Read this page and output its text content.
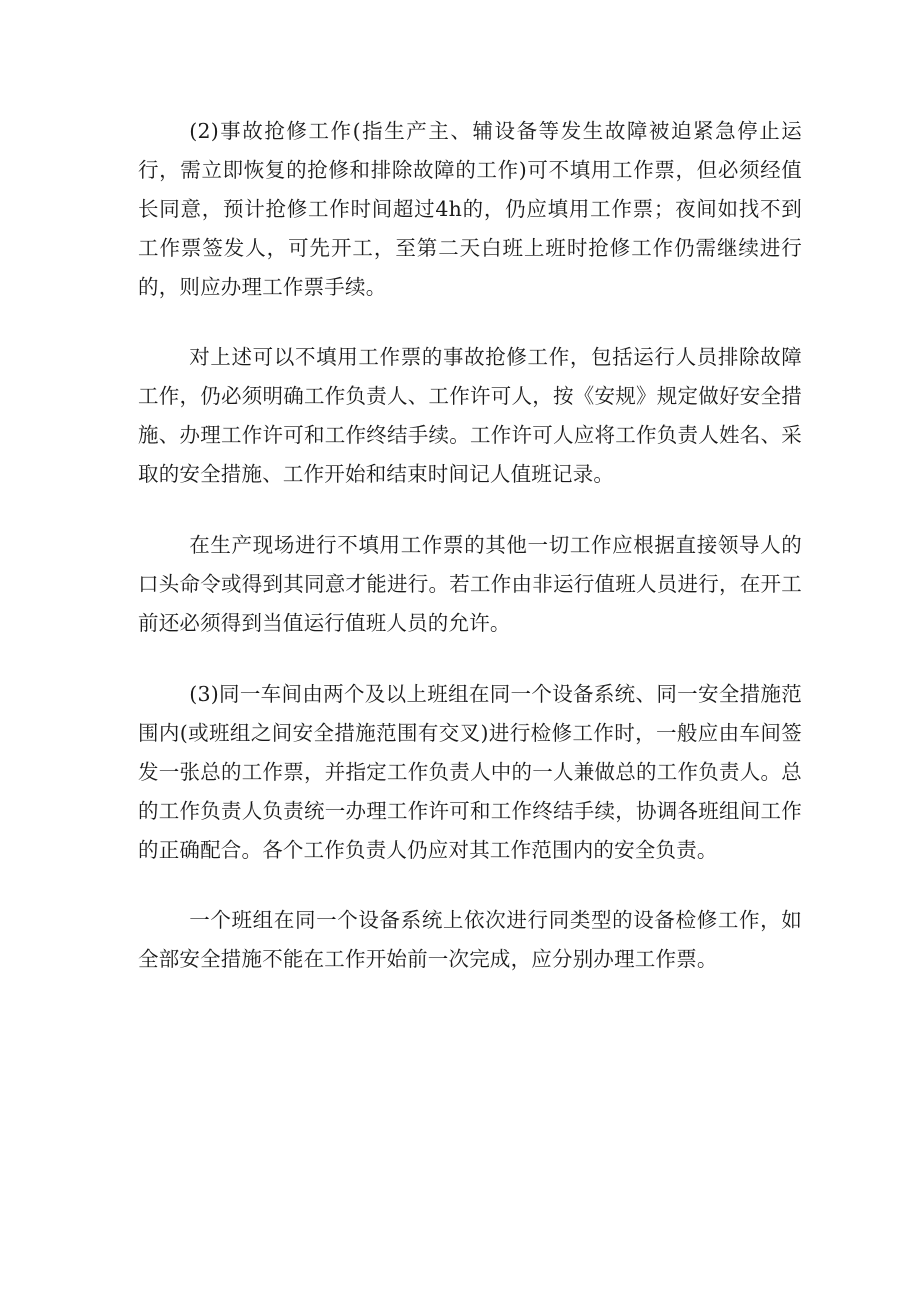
(2)事故抢修工作(指生产主、辅设备等发生故障被迫紧急停止运行，需立即恢复的抢修和排除故障的工作)可不填用工作票，但必须经值长同意，预计抢修工作时间超过4h的，仍应填用工作票；夜间如找不到工作票签发人，可先开工，至第二天白班上班时抢修工作仍需继续进行的，则应办理工作票手续。

对上述可以不填用工作票的事故抢修工作，包括运行人员排除故障工作，仍必须明确工作负责人、工作许可人，按《安规》规定做好安全措施、办理工作许可和工作终结手续。工作许可人应将工作负责人姓名、采取的安全措施、工作开始和结束时间记人值班记录。

在生产现场进行不填用工作票的其他一切工作应根据直接领导人的口头命令或得到其同意才能进行。若工作由非运行值班人员进行，在开工前还必须得到当值运行值班人员的允许。

(3)同一车间由两个及以上班组在同一个设备系统、同一安全措施范围内(或班组之间安全措施范围有交叉)进行检修工作时，一般应由车间签发一张总的工作票，并指定工作负责人中的一人兼做总的工作负责人。总的工作负责人负责统一办理工作许可和工作终结手续，协调各班组间工作的正确配合。各个工作负责人仍应对其工作范围内的安全负责。

一个班组在同一个设备系统上依次进行同类型的设备检修工作，如全部安全措施不能在工作开始前一次完成，应分别办理工作票。
